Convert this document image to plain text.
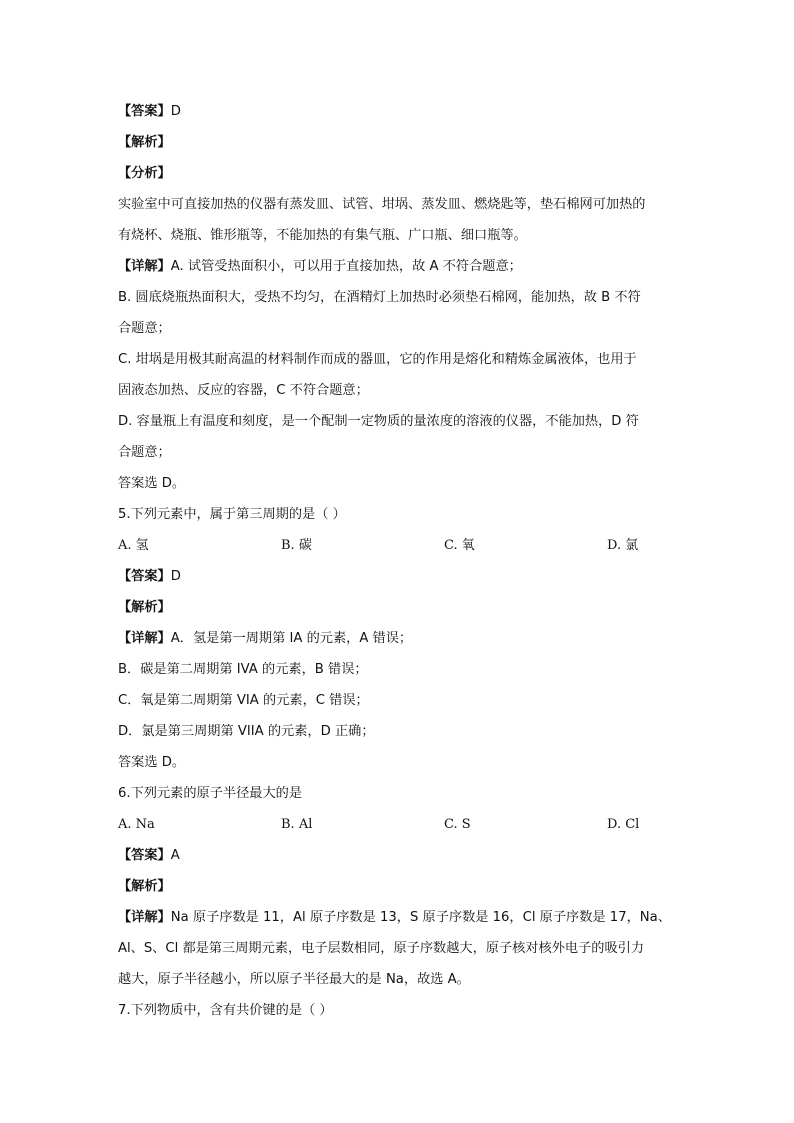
【答案】D
【解析】
【分析】
实验室中可直接加热的仪器有蒸发皿、试管、坩埚、蒸发皿、燃烧匙等，垫石棉网可加热的
有烧杯、烧瓶、锥形瓶等，不能加热的有集气瓶、广口瓶、细口瓶等。
【详解】A. 试管受热面积小，可以用于直接加热，故 A 不符合题意；
B. 圆底烧瓶热面积大，受热不均匀，在酒精灯上加热时必须垫石棉网，能加热，故 B 不符
合题意；
C. 坩埚是用极其耐高温的材料制作而成的器皿，它的作用是熔化和精炼金属液体，也用于
固液态加热、反应的容器，C 不符合题意；
D. 容量瓶上有温度和刻度，是一个配制一定物质的量浓度的溶液的仪器，不能加热，D 符
合题意；
答案选 D。
5.下列元素中，属于第三周期的是（ ）
A. 氢	B. 碳	C. 氧	D. 氯
【答案】D
【解析】
【详解】A．氢是第一周期第 IA 的元素，A 错误；
B．碳是第二周期第 IVA 的元素，B 错误；
C．氧是第二周期第 VIA 的元素，C 错误；
D．氯是第三周期第 VIIA 的元素，D 正确；
答案选 D。
6.下列元素的原子半径最大的是
A. Na	B. Al	C. S	D. Cl
【答案】A
【解析】
【详解】Na 原子序数是 11，Al 原子序数是 13，S 原子序数是 16，Cl 原子序数是 17，Na、
Al、S、Cl 都是第三周期元素，电子层数相同，原子序数越大，原子核对核外电子的吸引力
越大，原子半径越小，所以原子半径最大的是 Na，故选 A。
7.下列物质中，含有共价键的是（ ）
